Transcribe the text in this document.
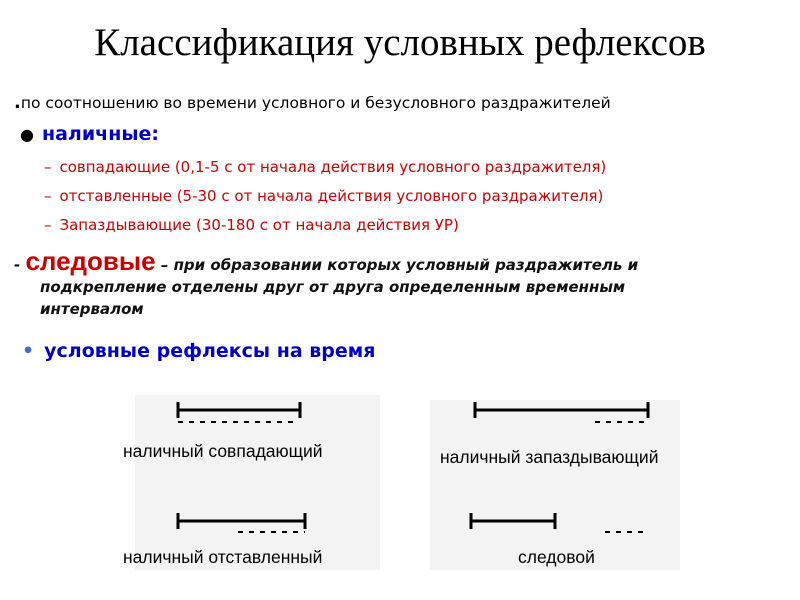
Классификация условных рефлексов
.по соотношению во времени условного и безусловного раздражителей
● наличные:
– совпадающие (0,1-5 с от начала действия условного раздражителя)
– отставленные (5-30 с от начала действия условного раздражителя)
– Запаздывающие (30-180 с от начала действия УР)
- следовые – при образовании которых условный раздражитель и
подкрепление отделены друг от друга определенным временным
интервалом
• условные рефлексы на время
наличный совпадающий	наличный запаздывающий
наличный отставленный	следовой
